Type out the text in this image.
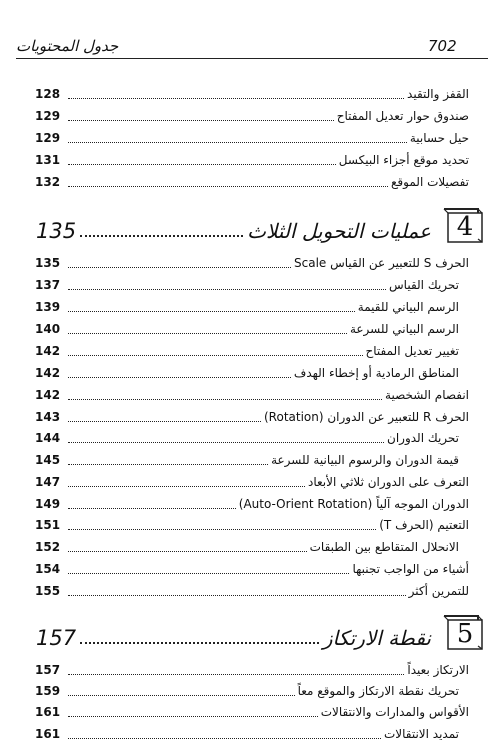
702
جدول المحتويات
القفز والتقيد
128
صندوق حوار تعديل المفتاح
129
حيل حسابية
129
تحديد موقع أجزاء البيكسل
131
تفصيلات الموقع
132
4
عمليات التحويل الثلاث
135
الحرف S للتعبير عن القياس Scale
135
تحريك القياس
137
الرسم البياني للقيمة
139
الرسم البياني للسرعة
140
تغيير تعديل المفتاح
142
المناطق الرمادية أو إخطاء الهدف
142
انفصام الشخصية
142
الحرف R للتعبير عن الدوران (Rotation)
143
تحريك الدوران
144
قيمة الدوران والرسوم البيانية للسرعة
145
التعرف على الدوران ثلاثي الأبعاد
147
الدوران الموجه آلياً (Auto-Orient Rotation)
149
التعتيم (الحرف T)
151
الانحلال المتقاطع بين الطبقات
152
أشياء من الواجب تجنبها
154
للتمرين أكثر
155
5
نقطة الارتكاز
157
الارتكاز بعيداً
157
تحريك نقطة الارتكاز والموقع معاً
159
الأقواس والمدارات والانتقالات
161
تمديد الانتقالات
161
